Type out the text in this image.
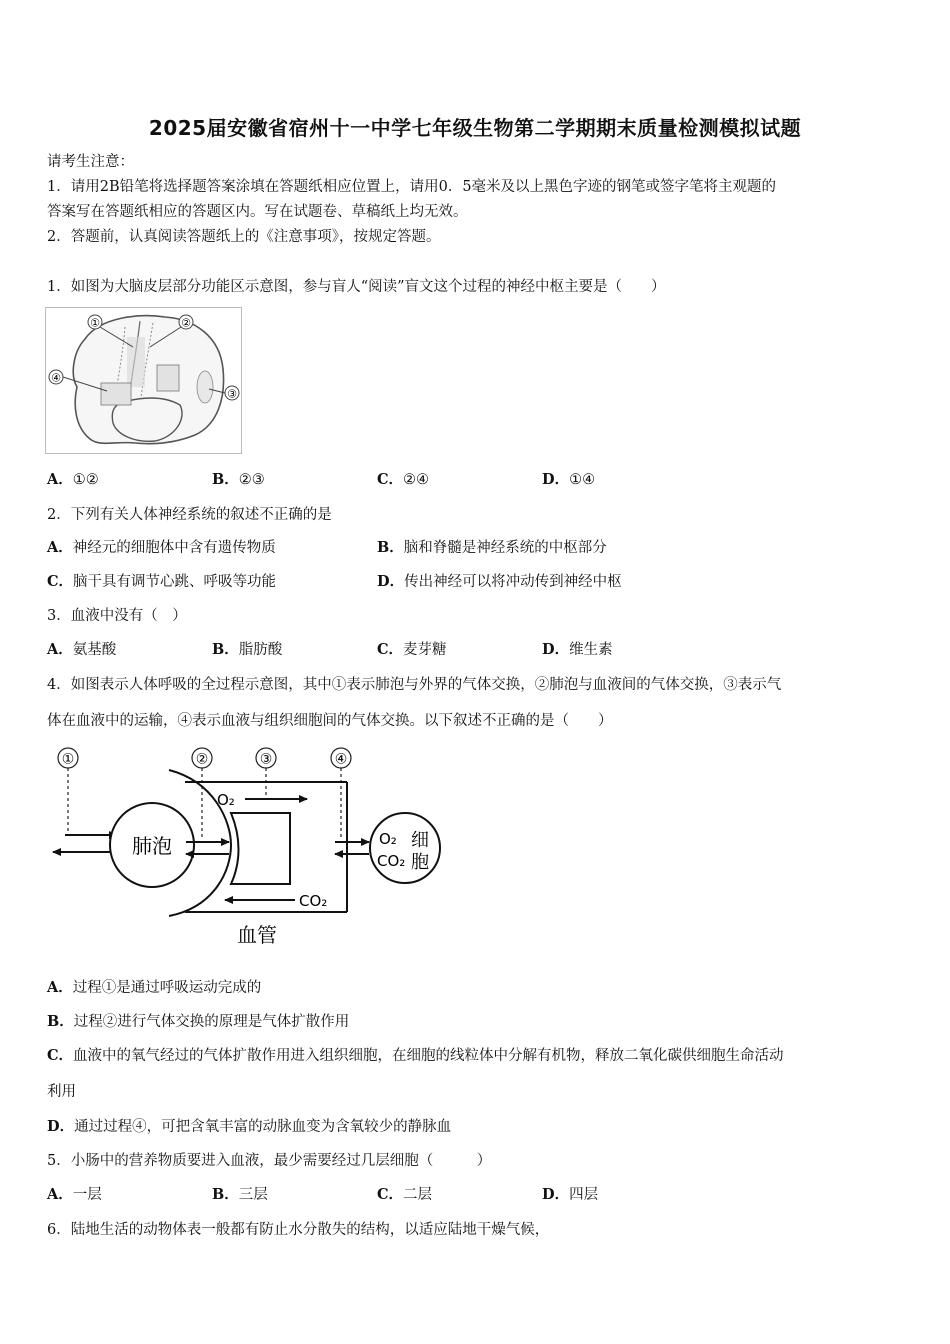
2025届安徽省宿州十一中学七年级生物第二学期期末质量检测模拟试题
请考生注意：
1．请用2B铅笔将选择题答案涂填在答题纸相应位置上，请用0．5毫米及以上黑色字迹的钢笔或签字笔将主观题的
答案写在答题纸相应的答题区内。写在试题卷、草稿纸上均无效。
2．答题前，认真阅读答题纸上的《注意事项》，按规定答题。
1．如图为大脑皮层部分功能区示意图，参与盲人“阅读”盲文这个过程的神经中枢主要是（　　）
①	②
③
④
A．①②	B．②③	C．②④	D．①④
2．下列有关人体神经系统的叙述不正确的是
A．神经元的细胞体中含有遗传物质	B．脑和脊髓是神经系统的中枢部分
C．脑干具有调节心跳、呼吸等功能	D．传出神经可以将冲动传到神经中枢
3．血液中没有（　）
A．氨基酸	B．脂肪酸	C．麦芽糖	D．维生素
4．如图表示人体呼吸的全过程示意图，其中①表示肺泡与外界的气体交换，②肺泡与血液间的气体交换，③表示气
体在血液中的运输，④表示血液与组织细胞间的气体交换。以下叙述不正确的是（　　）
①	②	③	④
肺泡
O₂
CO₂
O₂
CO₂
细
胞
血管
A．过程①是通过呼吸运动完成的
B．过程②进行气体交换的原理是气体扩散作用
C．血液中的氧气经过的气体扩散作用进入组织细胞，在细胞的线粒体中分解有机物，释放二氧化碳供细胞生命活动
利用
D．通过过程④，可把含氧丰富的动脉血变为含氧较少的静脉血
5．小肠中的营养物质要进入血液，最少需要经过几层细胞（　　　）
A．一层	B．三层	C．二层	D．四层
6．陆地生活的动物体表一般都有防止水分散失的结构，以适应陆地干燥气候，
